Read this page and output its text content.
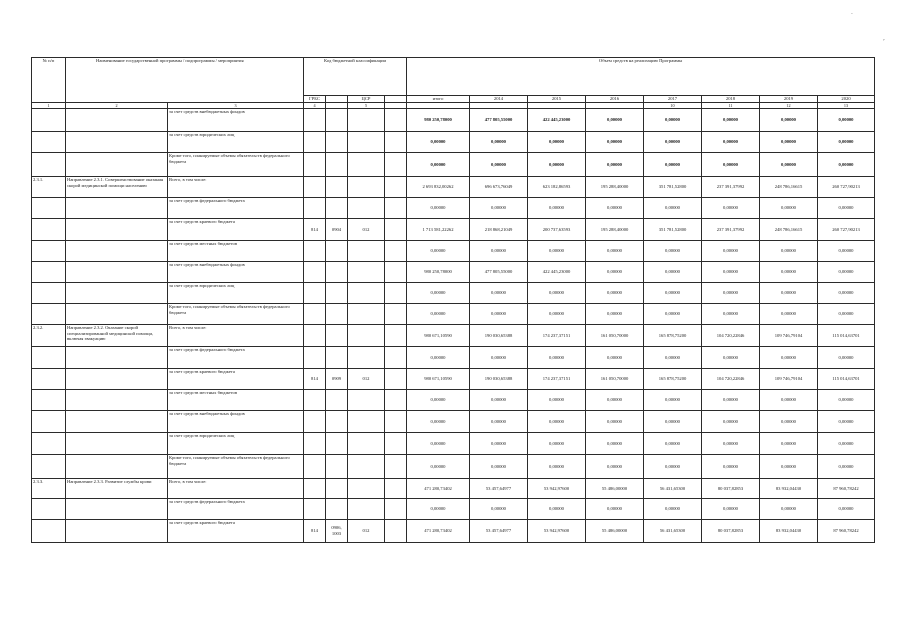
.
,
№ п/п	Наименование государственной программы / подпрограммы / мероприятия		Код бюджетной классификации				Объем средств на реализацию Программы							
			ГРБС		ЦСР		итого	2014	2015	2016	2017	2018	2019	2020
1	2	3	4		5						10	11	12	13
		за счет средств внебюджетных фондов					980 250,78000	477 805,55000	422 445,23000	0,00000	0,00000	0,00000	0,00000	0,00000
		за счет средств юридических лиц					0,00000	0,00000	0,00000	0,00000	0,00000	0,00000	0,00000	0,00000
		Кроме того, планируемые объемы обязательств федерального бюджета					0,00000	0,00000	0,00000	0,00000	0,00000	0,00000	0,00000	0,00000
2.3.1.	Направление 2.3.1. Совершенствование оказания скорой медицинской помощи населению	Всего, в том числе:					2 693 832,00262	696 673,76049	623 182,86593	195 288,40000	351 781,52800	237 391,37992	248 786,16615	260 727,90213
		за счет средств федерального бюджета					0,00000	0,00000	0,00000	0,00000	0,00000	0,00000	0,00000	0,00000
		за счет средств краевого бюджета	814	0904	012		1 713 581,22262	218 868,21049	200 737,63593	195 288,40000	351 781,52800	237 391,37992	248 786,16615	260 727,90213
		за счет средств местных бюджетов					0,00000	0,00000	0,00000	0,00000	0,00000	0,00000	0,00000	0,00000
		за счет средств внебюджетных фондов					980 250,78000	477 805,55000	422 445,23000	0,00000	0,00000	0,00000	0,00000	0,00000
		за счет средств юридических лиц					0,00000	0,00000	0,00000	0,00000	0,00000	0,00000	0,00000	0,00000
		Кроме того, планируемые объемы обязательств федерального бюджета					0,00000	0,00000	0,00000	0,00000	0,00000	0,00000	0,00000	0,00000
2.3.2.	Направление 2.3.2. Оказание скорой специализированной медицинской помощи, включая эвакуацию	Всего, в том числе:					980 671,10590	190 030,65388	174 237,37151	161 050,70000	165 878,75200	104 720,22846	109 746,79104	115 014,63701
		за счет средств федерального бюджета					0,00000	0,00000	0,00000	0,00000	0,00000	0,00000	0,00000	0,00000
		за счет средств краевого бюджета	814	0909	012		980 671,10590	190 030,65388	174 237,37151	161 050,70000	165 878,75200	104 720,22846	109 746,79104	115 014,63701
		за счет средств местных бюджетов					0,00000	0,00000	0,00000	0,00000	0,00000	0,00000	0,00000	0,00000
		за счет средств внебюджетных фондов					0,00000	0,00000	0,00000	0,00000	0,00000	0,00000	0,00000	0,00000
		за счет средств юридических лиц					0,00000	0,00000	0,00000	0,00000	0,00000	0,00000	0,00000	0,00000
		Кроме того, планируемые объемы обязательств федерального бюджета					0,00000	0,00000	0,00000	0,00000	0,00000	0,00000	0,00000	0,00000
2.3.3.	Направление 2.3.3. Развитие службы крови	Всего, в том числе:					471 280,73402	53 457,64977	53 942,97600	55 486,00000	56 431,65300	80 037,82853	83 932,04430	87 960,78242
		за счет средств федерального бюджета					0,00000	0,00000	0,00000	0,00000	0,00000	0,00000	0,00000	0,00000
		за счет средств краевого бюджета	814	0906, 1003	012		471 280,73402	53 457,64977	53 942,97600	55 486,00000	56 431,65300	80 037,82853	83 932,04430	87 960,78242
